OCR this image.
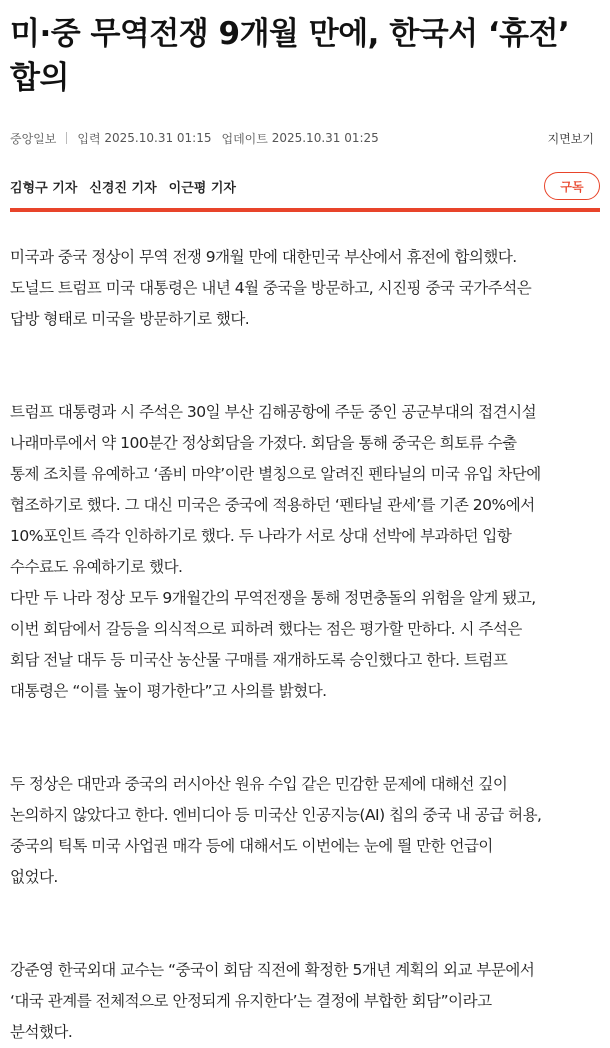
미·중 무역전쟁 9개월 만에, 한국서 ‘휴전’
합의
중앙일보 입력
2025.10.31 01:15 업데이트
2025.10.31 01:25	지면보기
김형구 기자 신경진 기자 이근평 기자	구독

미국과 중국 정상이 무역 전쟁 9개월 만에 대한민국 부산에서 휴전에 합의했다.

도널드 트럼프 미국 대통령은 내년 4월 중국을 방문하고, 시진핑 중국 국가주석은

답방 형태로 미국을 방문하기로 했다.

트럼프 대통령과 시 주석은 30일 부산 김해공항에 주둔 중인 공군부대의 접견시설

나래마루에서 약 100분간 정상회담을 가졌다. 회담을 통해 중국은 희토류 수출

통제 조치를 유예하고 ‘좀비 마약’이란 별칭으로 알려진 펜타닐의 미국 유입 차단에

협조하기로 했다. 그 대신 미국은 중국에 적용하던 ‘펜타닐 관세’를 기존 20%에서

10%포인트 즉각 인하하기로 했다. 두 나라가 서로 상대 선박에 부과하던 입항

수수료도 유예하기로 했다.

다만 두 나라 정상 모두 9개월간의 무역전쟁을 통해 정면충돌의 위험을 알게 됐고,

이번 회담에서 갈등을 의식적으로 피하려 했다는 점은 평가할 만하다. 시 주석은

회담 전날 대두 등 미국산 농산물 구매를 재개하도록 승인했다고 한다. 트럼프

대통령은 “이를 높이 평가한다”고 사의를 밝혔다.

두 정상은 대만과 중국의 러시아산 원유 수입 같은 민감한 문제에 대해선 깊이

논의하지 않았다고 한다. 엔비디아 등 미국산 인공지능(AI) 칩의 중국 내 공급 허용,

중국의 틱톡 미국 사업권 매각 등에 대해서도 이번에는 눈에 띌 만한 언급이

없었다.

강준영 한국외대 교수는 “중국이 회담 직전에 확정한 5개년 계획의 외교 부문에서

‘대국 관계를 전체적으로 안정되게 유지한다’는 결정에 부합한 회담”이라고

분석했다.
